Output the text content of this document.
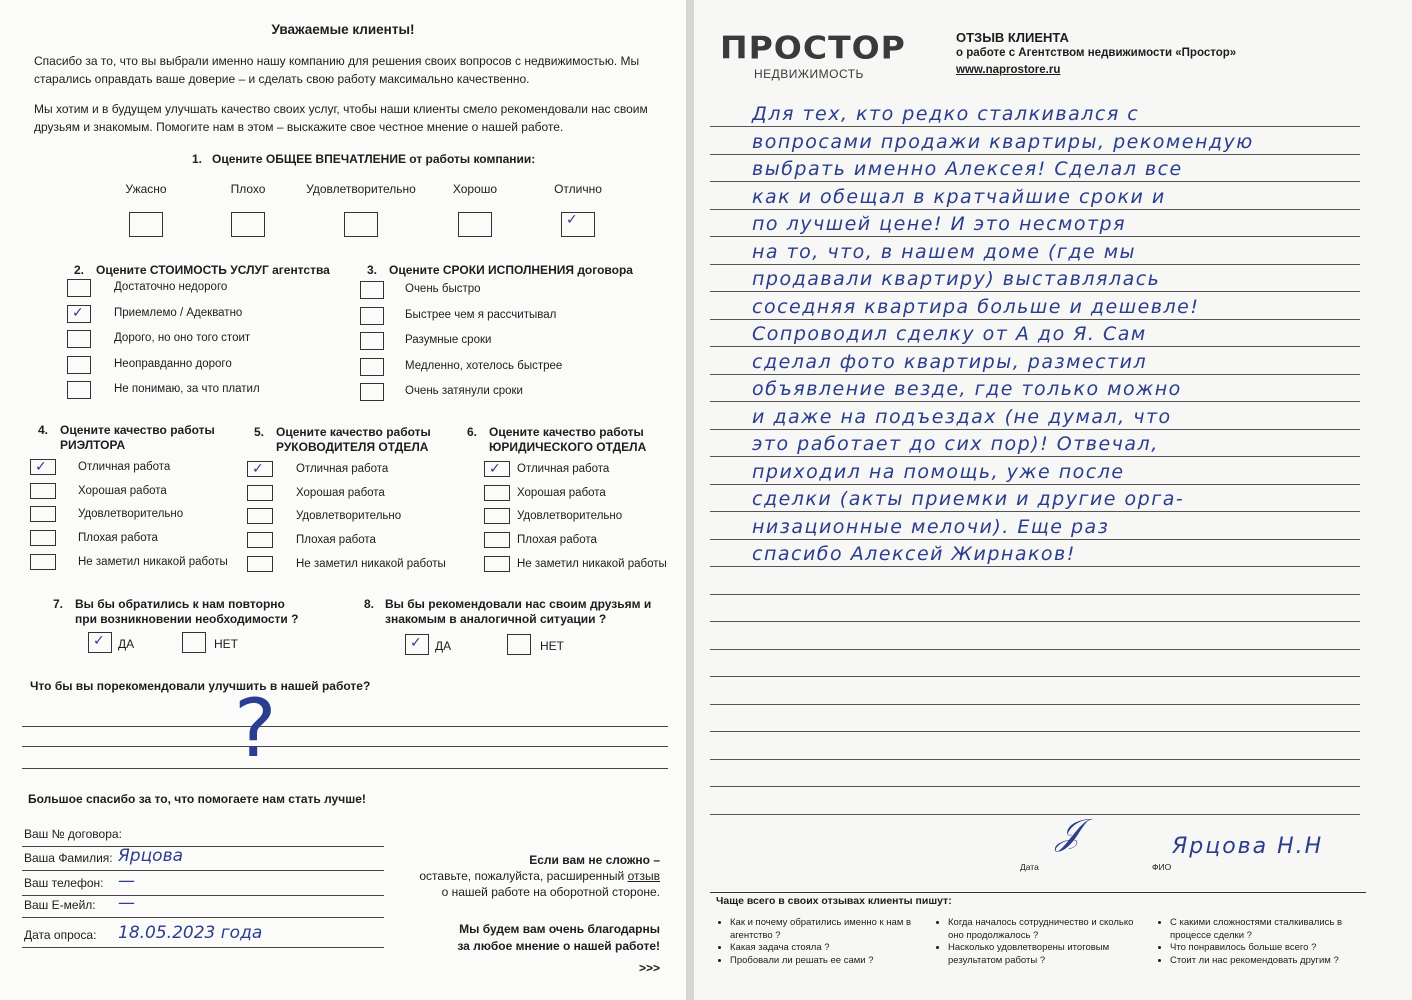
Уважаемые клиенты!
Спасибо за то, что вы выбрали именно нашу компанию для решения своих вопросов с недвижимостью. Мы старались оправдать ваше доверие – и сделать свою работу максимально качественно.
Мы хотим и в будущем улучшать качество своих услуг, чтобы наши клиенты смело рекомендовали нас своим друзьям и знакомым. Помогите нам в этом – выскажите свое честное мнение о нашей работе.
1. Оцените ОБЩЕЕ ВПЕЧАТЛЕНИЕ от работы компании:
Ужасно	Плохо	Удовлетворительно	Хорошо	Отлично
✓
2. Оцените СТОИМОСТЬ УСЛУГ агентства
Достаточно недорого
✓	Приемлемо / Адекватно
Дорого, но оно того стоит
Неоправданно дорого
Не понимаю, за что платил
3. Оцените СРОКИ ИСПОЛНЕНИЯ договора
Очень быстро
Быстрее чем я рассчитывал
Разумные сроки
Медленно, хотелось быстрее
Очень затянули сроки
4. Оцените качество работы
РИЭЛТОРА
✓	Отличная работа
Хорошая работа
Удовлетворительно
Плохая работа
Не заметил никакой работы
5. Оцените качество работы
РУКОВОДИТЕЛЯ ОТДЕЛА
✓	Отличная работа
Хорошая работа
Удовлетворительно
Плохая работа
Не заметил никакой работы
6. Оцените качество работы
ЮРИДИЧЕСКОГО ОТДЕЛА
✓ Отличная работа
Хорошая работа
Удовлетворительно
Плохая работа
Не заметил никакой работы
7. Вы бы обратились к нам повторно
при возникновении необходимости ?
✓ ДА	НЕТ
8. Вы бы рекомендовали нас своим друзьям и
знакомым в аналогичной ситуации ?
✓ ДА	НЕТ
Что бы вы порекомендовали улучшить в нашей работе?
?
Большое спасибо за то, что помогаете нам стать лучше!
Ваш № договора:
Ваша Фамилия: Ярцова
Ваш телефон: —
Ваш Е-мейл: —
Дата опроса: 18.05.2023 года
Если вам не сложно –
оставьте, пожалуйста, расширенный отзыв
о нашей работе на оборотной стороне.
Мы будем вам очень благодарны
за любое мнение о нашей работе!
>>>
ПРОСТОР
НЕДВИЖИМОСТЬ
ОТЗЫВ КЛИЕНТА
о работе с Агентством недвижимости «Простор»
www.naprostore.ru
Для тех, кто редко сталкивался с
вопросами продажи квартиры, рекомендую
выбрать именно Алексея! Сделал все
как и обещал в кратчайшие сроки и
по лучшей цене! И это несмотря
на то, что, в нашем доме (где мы
продавали квартиру) выставлялась
соседняя квартира больше и дешевле!
Сопроводил сделку от А до Я. Сам
сделал фото квартиры, разместил
объявление везде, где только можно
и даже на подъездах (не думал, что
это работает до сих пор)! Отвечал,
приходил на помощь, уже после
сделки (акты приемки и другие орга-
низационные мелочи). Еще раз
спасибо Алексей Жирнаков!
Дата	ФИО
𝒥	Ярцова Н.Н
Чаще всего в своих отзывах клиенты пишут:
• Как и почему обратились именно к нам в агентство ?
• Какая задача стояла ?
• Пробовали ли решать ее сами ?
• Когда началось сотрудничество и сколько оно продолжалось ?
• Насколько удовлетворены итоговым результатом работы ?
• С какими сложностями сталкивались в процессе сделки ?
• Что понравилось больше всего ?
• Стоит ли нас рекомендовать другим ?
